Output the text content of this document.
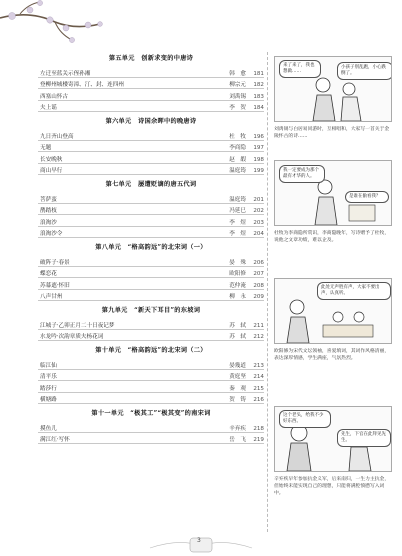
第五单元　创新求变的中唐诗
左迁至蓝关示侄孙湘	韩　愈 181
登柳州城楼寄漳、汀、封、连四州	柳宗元 182
西塞山怀古	刘禹锡 183
夫上谣	李　贺 184
第六单元　诗国余晖中的晚唐诗
九日齐山登高	杜　牧 196
无题	李商隐 197
长安晚秋	赵　嘏 198
商山早行	温庭筠 199
第七单元　屡遭贬谪的唐五代词
菩萨蛮	温庭筠 201
鹊踏枝	冯延巳 202
浪淘沙	李　煜 203
浪淘沙令	李　煜 204
第八单元　“格高韵远”的北宋词（一）
破阵子·春景	晏　殊 206
蝶恋花	欧阳修 207
苏幕遮·怀旧	范仲淹 208
八声甘州	柳　永 209
第九单元　“新天下耳目”的东坡词
江城子·乙卯正月二十日夜记梦	苏　轼 211
水龙吟·次韵章质夫杨花词	苏　轼 212
第十单元　“格高韵远”的北宋词（二）
临江仙	晏幾道 213
清平乐	黄庭坚 214
踏莎行	秦　观 215
横塘路	贺　铸 216
第十一单元　“极其工”“极其变”的南宋词
摸鱼儿	辛弃疾 218
满江红·写怀	岳　飞 219
来了来了，我也想做……
小孩子别乱跑，小心跌倒了。
刘禹锡与白居易同游时，互相唱和，大家写一首关于金陵怀古的诗……
我一定要成为那个最有才华的人。
是谁在偷看我？
杜牧为李商隐所赏识，李商隐晚年，写诗赠予了杜牧，说他之文章功绩，难以企及。
此处无声胜有声，大家不要出声，认真听。
欧阳修为宋代文坛领袖，喜爱填词，其词作风格清丽，表达深厚情感，学生满座，气氛热烈。
这个老头，给我不少好东西。
先生，下官在此拜见先生。
辛弃疾早年参加抗金义军，后来南归，一生力主抗金，但始终未能实现自己的理想，只能将满腔愤懑写入词中。
3
